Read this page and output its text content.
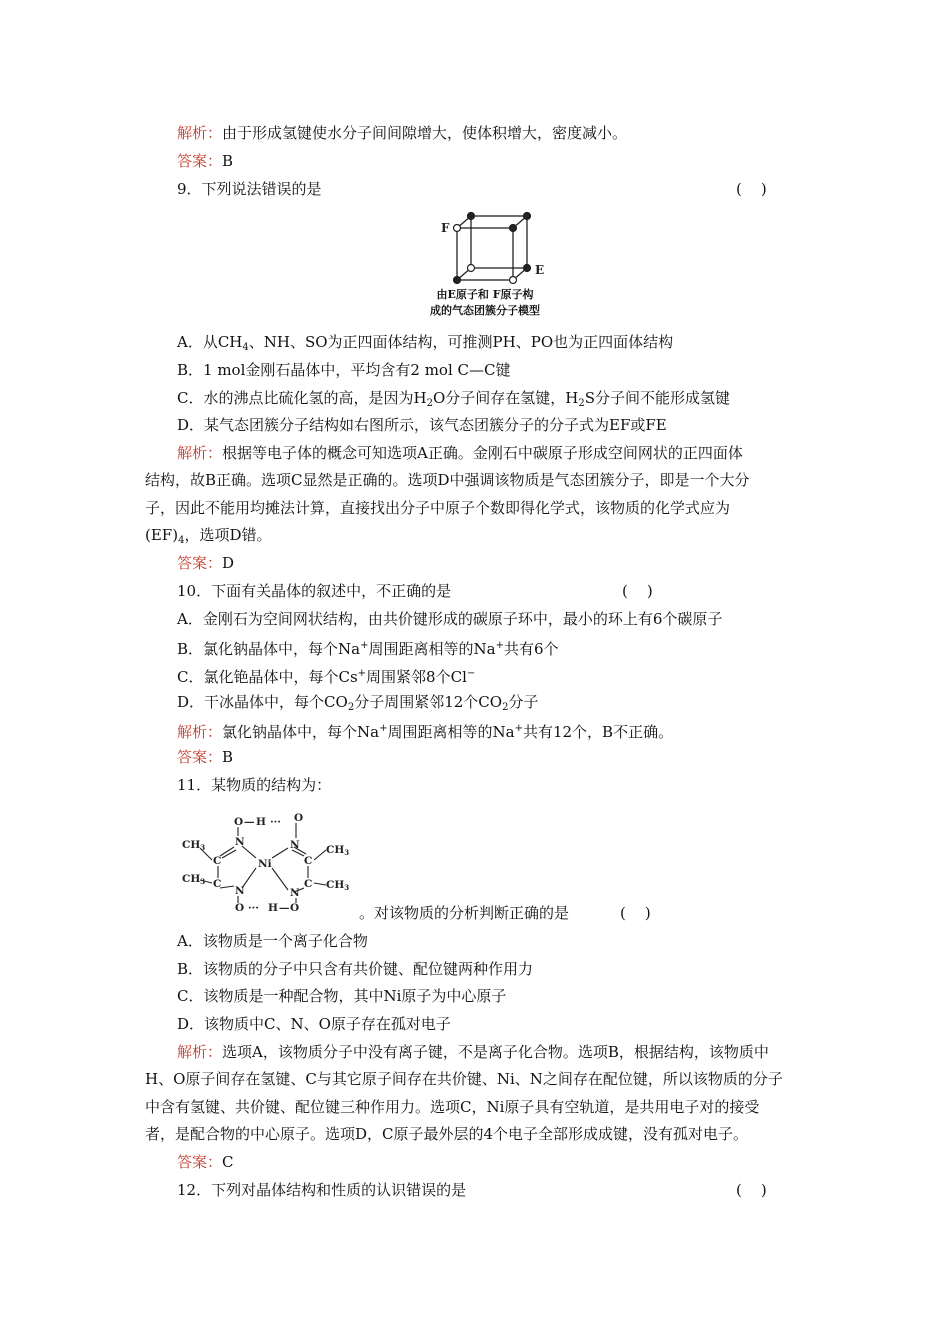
解析：由于形成氢键使水分子间间隙增大，使体积增大，密度减小。
答案：B
9．下列说法错误的是	(    )
F
E
由E原子和 F原子构
成的气态团簇分子模型
A．从$CH_4$、NH、SO为正四面体结构，可推测PH、PO也为正四面体结构
B．1 mol金刚石晶体中，平均含有2 mol C—C键
C．水的沸点比硫化氢的高，是因为$H_2O$分子间存在氢键，$H_2S$分子间不能形成氢键
D．某气态团簇分子结构如右图所示，该气态团簇分子的分子式为EF或FE
解析：根据等电子体的概念可知选项A正确。金刚石中碳原子形成空间网状的正四面体
结构，故B正确。选项C显然是正确的。选项D中强调该物质是气态团簇分子，即是一个大分
子，因此不能用均摊法计算，直接找出分子中原子个数即得化学式，该物质的化学式应为
$(EF)_4$，选项D错。
答案：D
10．下面有关晶体的叙述中，不正确的是	(    )
A．金刚石为空间网状结构，由共价键形成的碳原子环中，最小的环上有6个碳原子
B．氯化钠晶体中，每个Na+周围距离相等的Na+共有6个
C．氯化铯晶体中，每个Cs+周围紧邻8个Cl−
D．干冰晶体中，每个$CO_2$分子周围紧邻12个$CO_2$分子
解析：氯化钠晶体中，每个Na+周围距离相等的Na+共有12个，B不正确。
答案：B
11．某物质的结构为：
O — H ··· O
N	N
C	C
C	C
Ni
N	N
O ··· H — O
CH3
CH3
CH3
CH3
。对该物质的分析判断正确的是	(    )
A．该物质是一个离子化合物
B．该物质的分子中只含有共价键、配位键两种作用力
C．该物质是一种配合物，其中Ni原子为中心原子
D．该物质中C、N、O原子存在孤对电子
解析：选项A，该物质分子中没有离子键，不是离子化合物。选项B，根据结构，该物质中
H、O原子间存在氢键、C与其它原子间存在共价键、Ni、N之间存在配位键，所以该物质的分子
中含有氢键、共价键、配位键三种作用力。选项C，Ni原子具有空轨道，是共用电子对的接受
者，是配合物的中心原子。选项D，C原子最外层的4个电子全部形成成键，没有孤对电子。
答案：C
12．下列对晶体结构和性质的认识错误的是	(    )
